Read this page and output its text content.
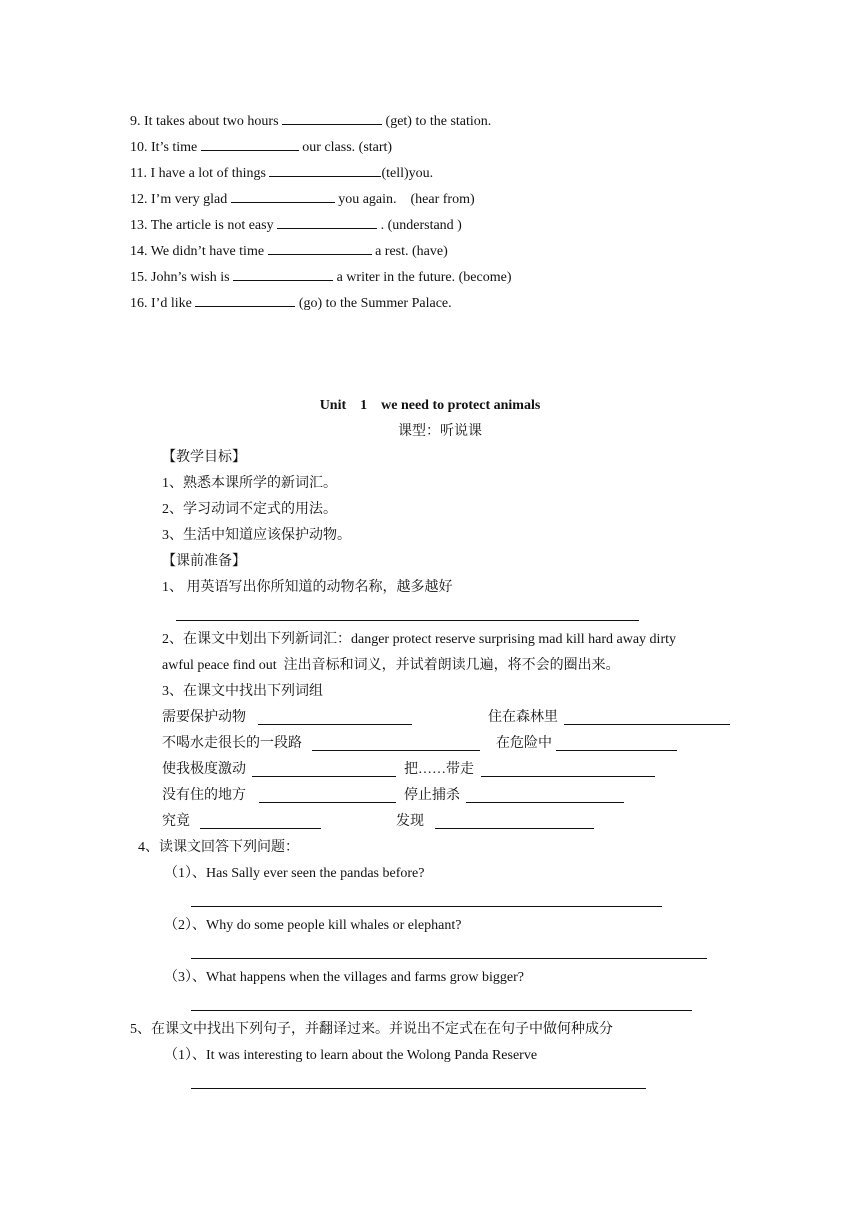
9. It takes about two hours	(get) to the station.
10. It’s time	our class. (start)
11. I have a lot of things	(tell)you.
12. I’m very glad	you again.    (hear from)
13. The article is not easy	. (understand )
14. We didn’t have time	a rest. (have)
15. John’s wish is	a writer in the future. (become)
16. I’d like	(go) to the Summer Palace.
Unit    1    we need to protect animals
课型：听说课
【教学目标】
1、熟悉本课所学的新词汇。
2、学习动词不定式的用法。
3、生活中知道应该保护动物。
【课前准备】
1、 用英语写出你所知道的动物名称，越多越好
2、在课文中划出下列新词汇：danger protect reserve surprising mad kill hard away dirty
awful peace find out  注出音标和词义，并试着朗读几遍，将不会的圈出来。
3、在课文中找出下列词组
需要保护动物	住在森林里
不喝水走很长的一段路	在危险中
使我极度激动	把……带走
没有住的地方	停止捕杀
究竟	发现
4、读课文回答下列问题：
（1）、Has Sally ever seen the pandas before?
（2）、Why do some people kill whales or elephant?
（3）、What happens when the villages and farms grow bigger?
5、在课文中找出下列句子，并翻译过来。并说出不定式在在句子中做何种成分
（1）、It was interesting to learn about the Wolong Panda Reserve
